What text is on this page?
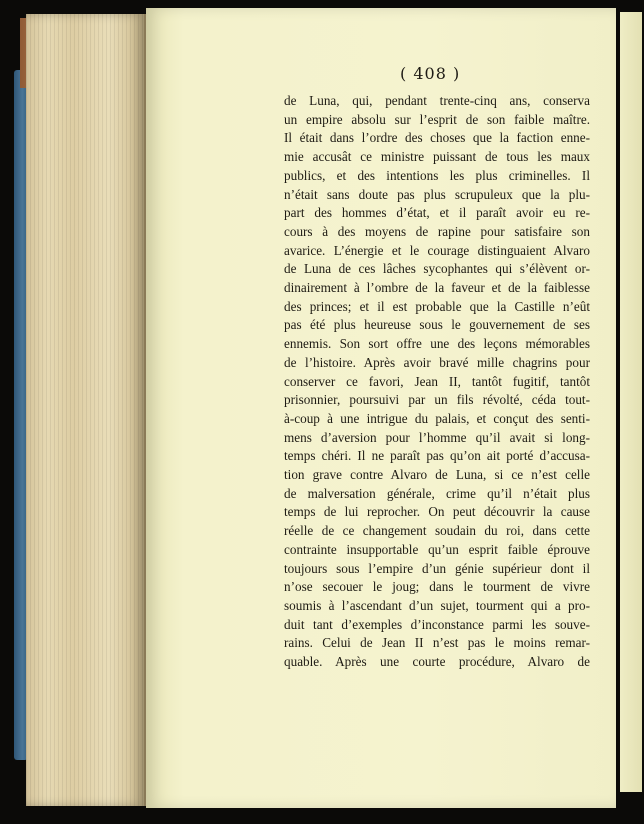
( 408 )
de Luna, qui, pendant trente-cinq ans, conserva
un empire absolu sur l’esprit de son faible maître.
Il était dans l’ordre des choses que la faction enne-
mie accusât ce ministre puissant de tous les maux
publics, et des intentions les plus criminelles. Il
n’était sans doute pas plus scrupuleux que la plu-
part des hommes d’état, et il paraît avoir eu re-
cours à des moyens de rapine pour satisfaire son
avarice. L’énergie et le courage distinguaient Alvaro
de Luna de ces lâches sycophantes qui s’élèvent or-
dinairement à l’ombre de la faveur et de la faiblesse
des princes; et il est probable que la Castille n’eût
pas été plus heureuse sous le gouvernement de ses
ennemis. Son sort offre une des leçons mémorables
de l’histoire. Après avoir bravé mille chagrins pour
conserver ce favori, Jean II, tantôt fugitif, tantôt
prisonnier, poursuivi par un fils révolté, céda tout-
à-coup à une intrigue du palais, et conçut des senti-
mens d’aversion pour l’homme qu’il avait si long-
temps chéri. Il ne paraît pas qu’on ait porté d’accusa-
tion grave contre Alvaro de Luna, si ce n’est celle
de malversation générale, crime qu’il n’était plus
temps de lui reprocher. On peut découvrir la cause
réelle de ce changement soudain du roi, dans cette
contrainte insupportable qu’un esprit faible éprouve
toujours sous l’empire d’un génie supérieur dont il
n’ose secouer le joug; dans le tourment de vivre
soumis à l’ascendant d’un sujet, tourment qui a pro-
duit tant d’exemples d’inconstance parmi les souve-
rains. Celui de Jean II n’est pas le moins remar-
quable. Après une courte procédure, Alvaro de
